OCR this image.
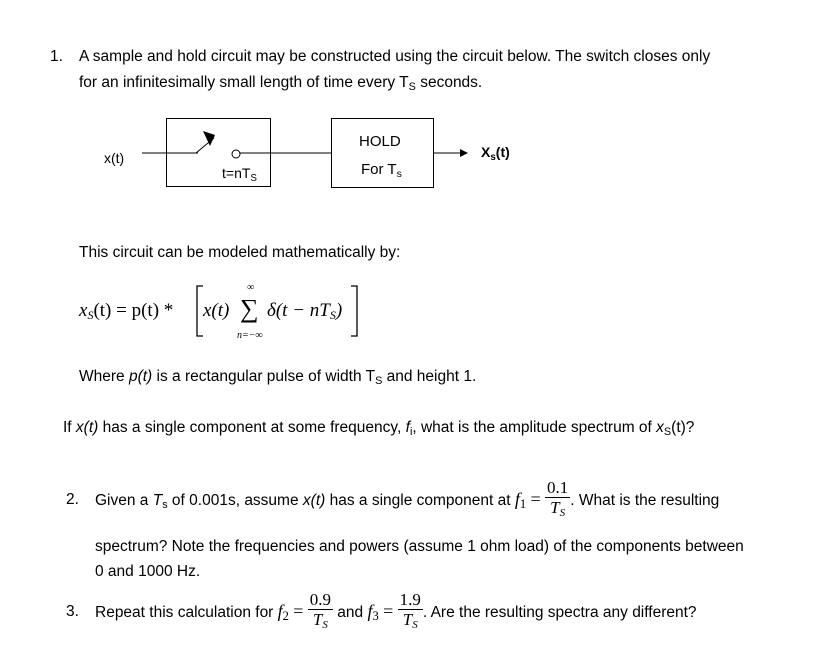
1. A sample and hold circuit may be constructed using the circuit below. The switch closes only
for an infinitesimally small length of time every $T_S$ seconds.
x(t)
$t=nT_S$
HOLD
For $T_s$
$X_s(t)$
This circuit can be modeled mathematically by:
$x_S(t) = p(t) * x(t)$ ∑
∞
n=−∞
$\delta(t - nT_S)$
Where p(t) is a rectangular pulse of width $T_S$ and height 1.
If x(t) has a single component at some frequency, $f_i$, what is the amplitude spectrum of $x_S(t)$?
2. Given a $T_s$ of 0.001s, assume x(t) has a single component at $f_1 = \frac{0.1}{T_S}$ . What is the resulting
spectrum? Note the frequencies and powers (assume 1 ohm load) of the components between
0 and 1000 Hz.
3. Repeat this calculation for $f_2 = \frac{0.9}{T_S}$ and $f_3 = \frac{1.9}{T_S}$ . Are the resulting spectra any different?
